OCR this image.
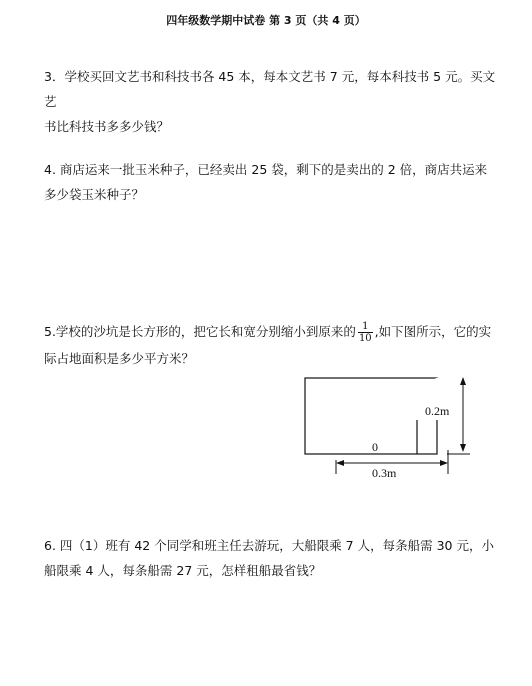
四年级数学期中试卷 第 3 页（共 4 页）
3．学校买回文艺书和科技书各 45 本，每本文艺书 7 元，每本科技书 5 元。买文艺
书比科技书多多少钱？
4. 商店运来一批玉米种子，已经卖出 25 袋，剩下的是卖出的 2 倍，商店共运来
多少袋玉米种子？
5.学校的沙坑是长方形的，把它长和宽分别缩小到原来的 $\frac{1}{10}$ ,如下图所示，它的实
际占地面积是多少平方米？
0.2m
0
0.3m
6. 四（1）班有 42 个同学和班主任去游玩，大船限乘 7 人，每条船需 30 元，小
船限乘 4 人，每条船需 27 元，怎样租船最省钱？
